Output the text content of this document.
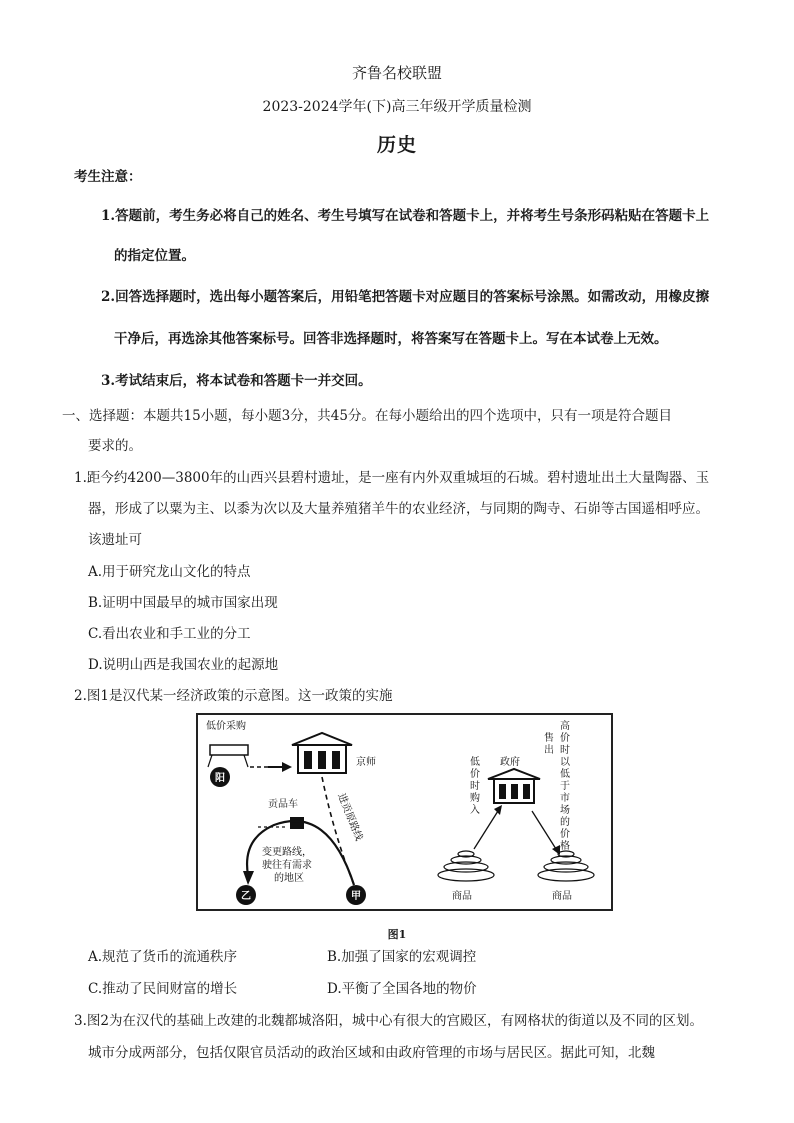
齐鲁名校联盟
2023-2024学年(下)高三年级开学质量检测
历史
考生注意：
1.答题前，考生务必将自己的姓名、考生号填写在试卷和答题卡上，并将考生号条形码粘贴在答题卡上
的指定位置。
2.回答选择题时，选出每小题答案后，用铅笔把答题卡对应题目的答案标号涂黑。如需改动，用橡皮擦
干净后，再选涂其他答案标号。回答非选择题时，将答案写在答题卡上。写在本试卷上无效。
3.考试结束后，将本试卷和答题卡一并交回。
一、选择题：本题共15小题，每小题3分，共45分。在每小题给出的四个选项中，只有一项是符合题目
要求的。
1.距今约4200—3800年的山西兴县碧村遗址，是一座有内外双重城垣的石城。碧村遗址出土大量陶器、玉
器，形成了以粟为主、以黍为次以及大量养殖猪羊牛的农业经济，与同期的陶寺、石峁等古国遥相呼应。
该遗址可
A.用于研究龙山文化的特点
B.证明中国最早的城市国家出现
C.看出农业和手工业的分工
D.说明山西是我国农业的起源地
2.图1是汉代某一经济政策的示意图。这一政策的实施
低价采购
阳
京师
进贡原路线
贡品车
变更路线，
驶往有需求
的地区
乙	甲
政府
低
价
时
购
入
售
出
高
价
时
以
低
于
市
场
的
价
格
商品	商品
图1
A.规范了货币的流通秩序	B.加强了国家的宏观调控
C.推动了民间财富的增长	D.平衡了全国各地的物价
3.图2为在汉代的基础上改建的北魏都城洛阳，城中心有很大的宫殿区，有网格状的街道以及不同的区划。
城市分成两部分，包括仅限官员活动的政治区域和由政府管理的市场与居民区。据此可知，北魏
